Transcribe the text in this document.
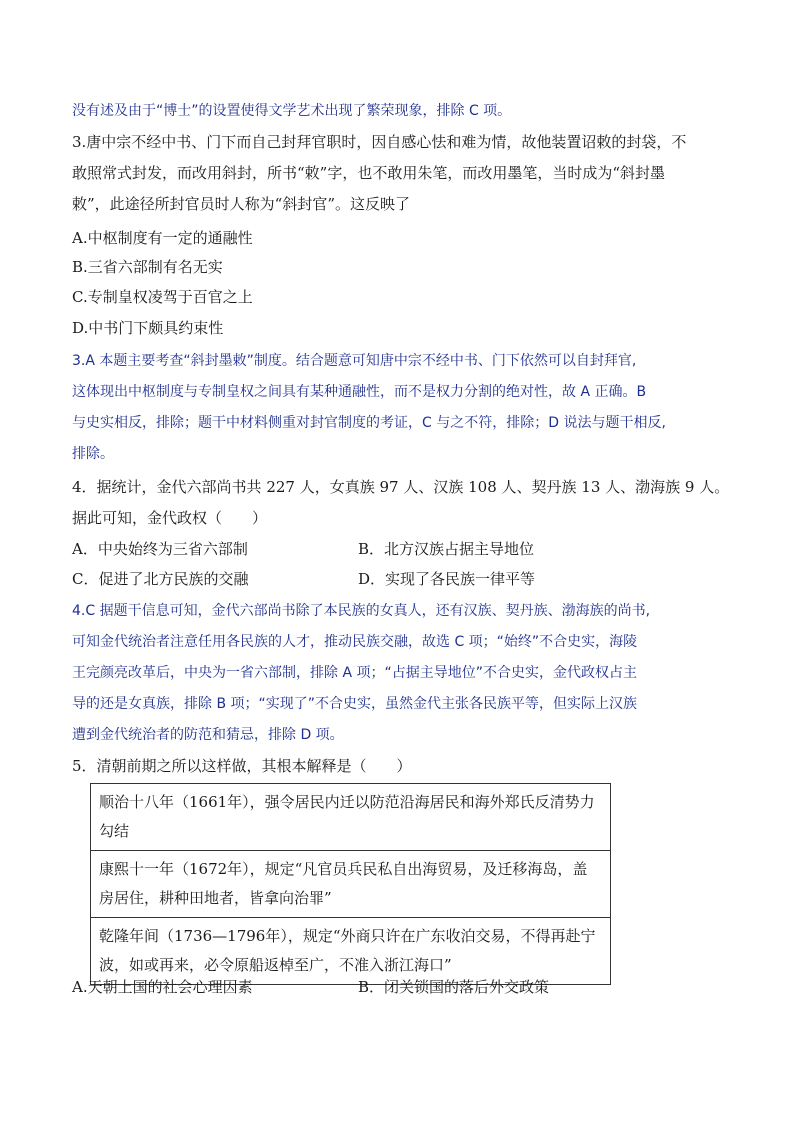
没有述及由于“博士”的设置使得文学艺术出现了繁荣现象，排除 C 项。
3.唐中宗不经中书、门下而自己封拜官职时，因自感心怯和难为情，故他装置诏敕的封袋，不
敢照常式封发，而改用斜封，所书“敕”字，也不敢用朱笔，而改用墨笔，当时成为“斜封墨
敕”，此途径所封官员时人称为“斜封官”。这反映了
A.中枢制度有一定的通融性
B.三省六部制有名无实
C.专制皇权凌驾于百官之上
D.中书门下颇具约束性
3.A 本题主要考查“斜封墨敕”制度。结合题意可知唐中宗不经中书、门下依然可以自封拜官,
这体现出中枢制度与专制皇权之间具有某种通融性，而不是权力分割的绝对性，故 A 正确。B
与史实相反，排除；题干中材料侧重对封官制度的考证，C 与之不符，排除；D 说法与题干相反,
排除。
4．据统计，金代六部尚书共 227 人，女真族 97 人、汉族 108 人、契丹族 13 人、渤海族 9 人。
据此可知，金代政权（　　）
A．中央始终为三省六部制	B．北方汉族占据主导地位
C．促进了北方民族的交融	D．实现了各民族一律平等
4.C 据题干信息可知，金代六部尚书除了本民族的女真人，还有汉族、契丹族、渤海族的尚书,
可知金代统治者注意任用各民族的人才，推动民族交融，故选 C 项；“始终”不合史实，海陵
王完颜亮改革后，中央为一省六部制，排除 A 项；“占据主导地位”不合史实，金代政权占主
导的还是女真族，排除 B 项；“实现了”不合史实，虽然金代主张各民族平等，但实际上汉族
遭到金代统治者的防范和猜忌，排除 D 项。
5．清朝前期之所以这样做，其根本解释是（　　）
顺治十八年（1661年），强令居民内迁以防范沿海居民和海外郑氏反清势力勾结
康熙十一年（1672年），规定“凡官员兵民私自出海贸易，及迁移海岛，盖房居住，耕种田地者，皆拿向治罪”
乾隆年间（1736—1796年），规定“外商只许在广东收泊交易，不得再赴宁波，如或再来，必令原船返棹至广，不准入浙江海口”
A.天朝上国的社会心理因素	B．闭关锁国的落后外交政策
